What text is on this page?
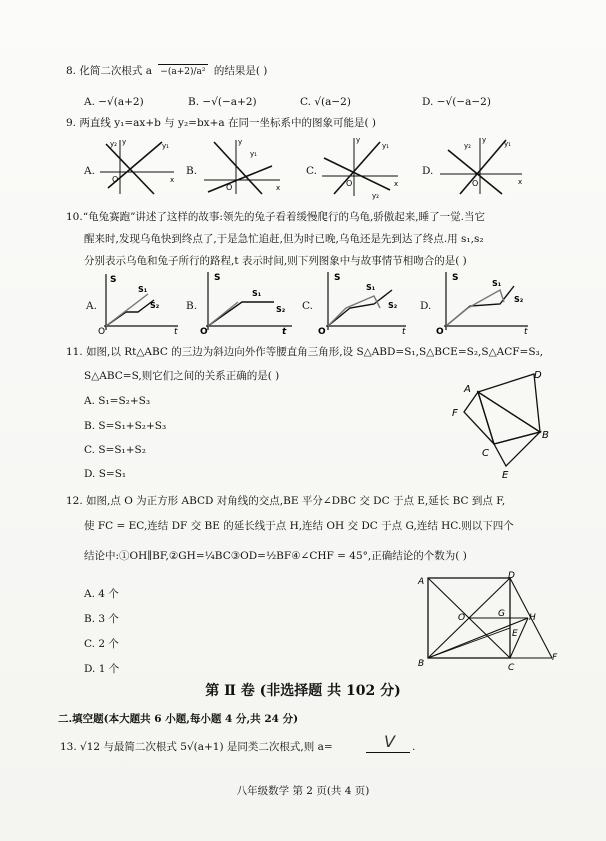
8. 化简二次根式 a −(a+2)/a² 的结果是( )
A. −√(a+2)	B. −√(−a+2)	C. √(a−2)	D. −√(−a−2)
9. 两直线 y₁=ax+b 与 y₂=bx+a 在同一坐标系中的图象可能是( )
A.	B.	C.	D.
y₂ y	y₁
O	x
y
y₁
O	x
y
y₁
O	x
y₂
y₂
y	y₁
O	x
10.“龟兔赛跑”讲述了这样的故事:领先的兔子看着缓慢爬行的乌龟,骄傲起来,睡了一觉.当它
醒来时,发现乌龟快到终点了,于是急忙追赶,但为时已晚,乌龟还是先到达了终点.用 s₁,s₂
分别表示乌龟和兔子所行的路程,t 表示时间,则下列图象中与故事情节相吻合的是( )
A.	B.	C.	D.
S
S₁
S₂
O	t
S
S₁
S₂
O	t
S
S₁
S₂
O	t
S
S₁
S₂
O	t
11. 如图,以 Rt△ABC 的三边为斜边向外作等腰直角三角形,设 S△ABD=S₁,S△BCE=S₂,S△ACF=S₃,
S△ABC=S,则它们之间的关系正确的是( )
A. S₁=S₂+S₃
B. S=S₁+S₂+S₃
C. S=S₁+S₂
D. S=S₁
A
B
C
D
E
F
12. 如图,点 O 为正方形 ABCD 对角线的交点,BE 平分∠DBC 交 DC 于点 E,延长 BC 到点 F,
使 FC = EC,连结 DF 交 BE 的延长线于点 H,连结 OH 交 DC 于点 G,连结 HC.则以下四个
结论中:①OH∥BF,②GH=¼BC③OD=½BF④∠CHF = 45°,正确结论的个数为( )
A. 4 个
B. 3 个
C. 2 个
D. 1 个
A
B	C
D
E
F
G	H
O
第 Ⅱ 卷 (非选择题 共 102 分)
二.填空题(本大题共 6 小题,每小题 4 分,共 24 分)
13. √12 与最简二次根式 5√(a+1) 是同类二次根式,则 a=	V .
八年级数学 第 2 页(共 4 页)
